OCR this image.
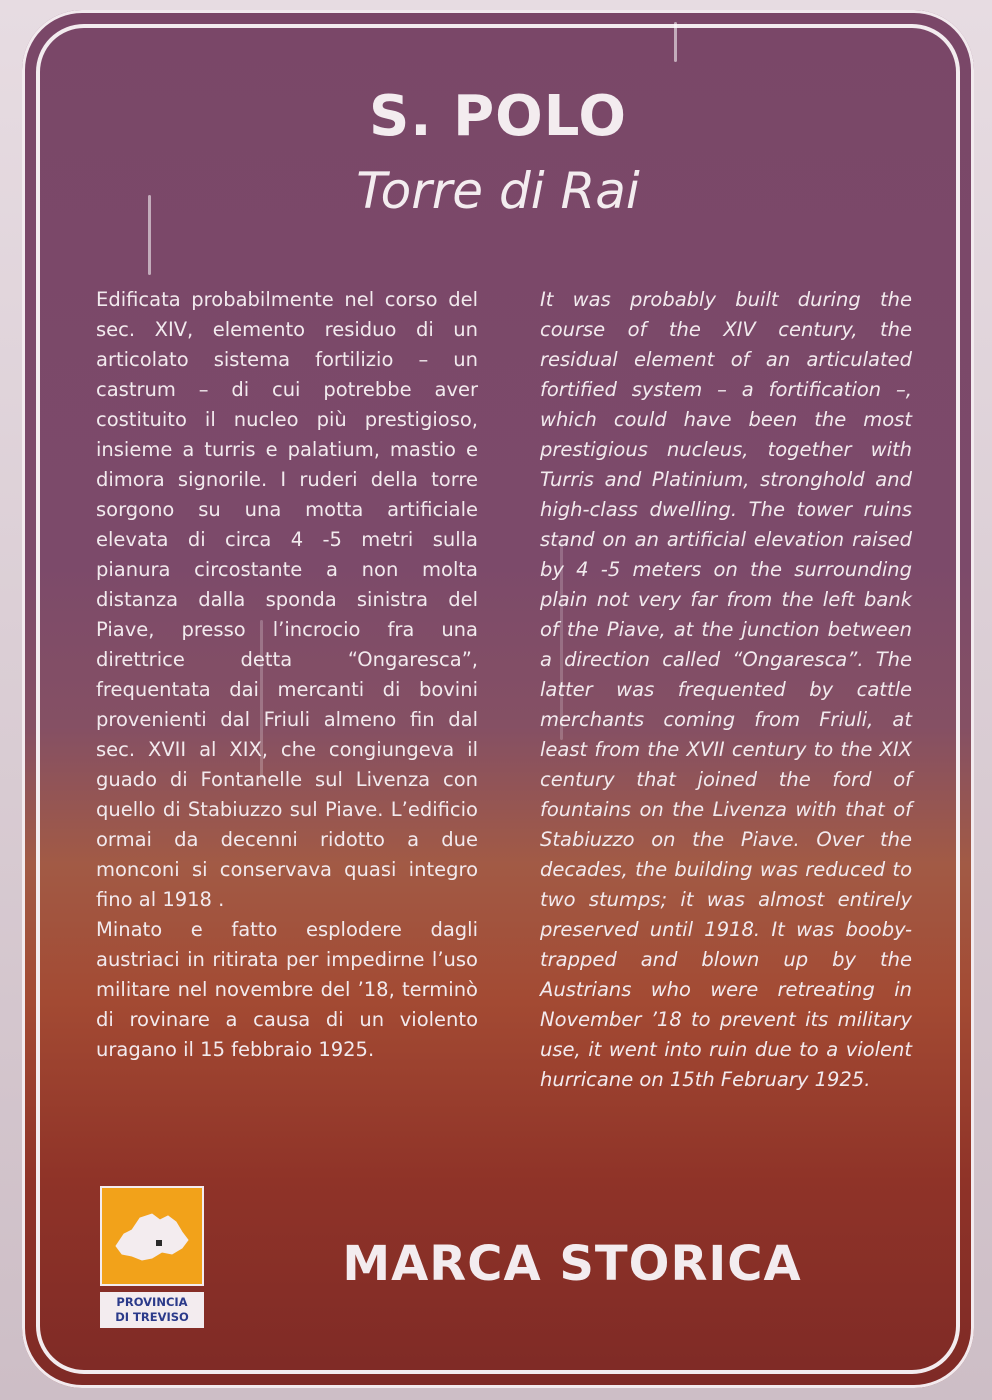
S. POLO
Torre di Rai

Edificata probabilmente nel corso del sec. XIV, elemento residuo di un articolato sistema fortilizio – un castrum – di cui potrebbe aver costituito il nucleo più prestigioso, insieme a turris e palatium, mastio e dimora signorile. I ruderi della torre sorgono su una motta artificiale elevata di circa 4 -5 metri sulla pianura circostante a non molta distanza dalla sponda sinistra del Piave, presso l’incrocio fra una direttrice detta “Ongaresca”, frequentata dai mercanti di bovini provenienti dal Friuli almeno fin dal sec. XVII al XIX, che congiungeva il guado di Fontanelle sul Livenza con quello di Stabiuzzo sul Piave. L’edificio ormai da decenni ridotto a due monconi si conservava quasi integro fino al 1918 .

Minato e fatto esplodere dagli austriaci in ritirata per impedirne l’uso militare nel novembre del ’18, terminò di rovinare a causa di un violento uragano il 15 febbraio 1925.

It was probably built during the course of the XIV century, the residual element of an articulated fortified system – a fortification –, which could have been the most prestigious nucleus, together with Turris and Platinium, stronghold and high-class dwelling. The tower ruins stand on an artificial elevation raised by 4 -5 meters on the surrounding plain not very far from the left bank of the Piave, at the junction between a direction called “Ongaresca”. The latter was frequented by cattle merchants coming from Friuli, at least from the XVII century to the XIX century that joined the ford of fountains on the Livenza with that of Stabiuzzo on the Piave. Over the decades, the building was reduced to two stumps; it was almost entirely preserved until 1918. It was booby-trapped and blown up by the Austrians who were retreating in November ’18 to prevent its military use, it went into ruin due to a violent hurricane on 15th February 1925.

PROVINCIA
DI TREVISO
MARCA STORICA
